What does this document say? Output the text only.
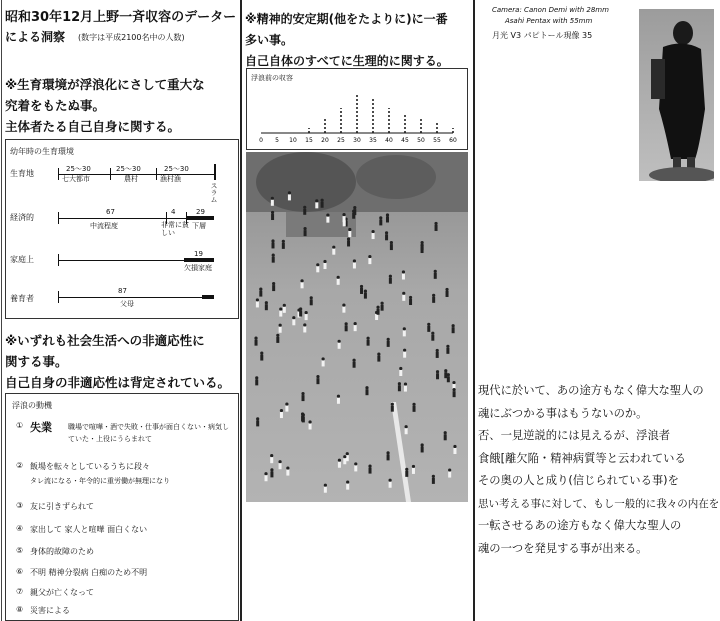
昭和30年12月上野一斉収容のデーター
による洞察 (数字は平成2100名中の人数)
※生育環境が浮浪化にさして重大な
究着をもたぬ事。
主体者たる自己自身に関する。
幼年時の生育環境
生育地	25〜30
七大都市
25〜30
農村
25〜30
漁村漁
スラム
経済的
67
中流程度
4
非常に貧しい
29
下層
家庭上
19
欠損家庭
養育者
87
父母
※いずれも社会生活への非適応性に
関する事。
自己自身の非適応性は背定されている。
浮浪の動機
① 失業 職場で喧嘩・酒で失敗・仕事が面白くない・病気していた・上役にうらまれて
② 飯場を転々としているうちに段々
タレ流になる・年令的に重労働が無理になり
③ 友に引きずられて
④ 家出して 家人と喧嘩 面白くない
⑤ 身体的故障のため
⑥ 不明 精神分裂病 白痴のため不明
⑦ 親父が亡くなって
⑧ 災害による
※精神的安定期(他をたよりに)に一番
多い事。
自己自体のすべてに生理的に関する。
浮浪前の収容
0 5 10 15 20 25 30 35 40 45 50 55 60
Camera: Canon Demi with 28mm
Asahi Pentax with 55mm
月光 V3 パピトール現像 35
現代に於いて、あの途方もなく偉大な聖人の
魂にぶつかる事はもうないのか。
否、一見逆説的には見えるが、浮浪者
食餓[離欠陥・精神病質等と云われている
その奥の人と成り(信じられている事)を
思い考える事に対して、もし一般的に我々の内在を
一転させるあの途方もなく偉大な聖人の
魂の一つを発見する事が出来る。
